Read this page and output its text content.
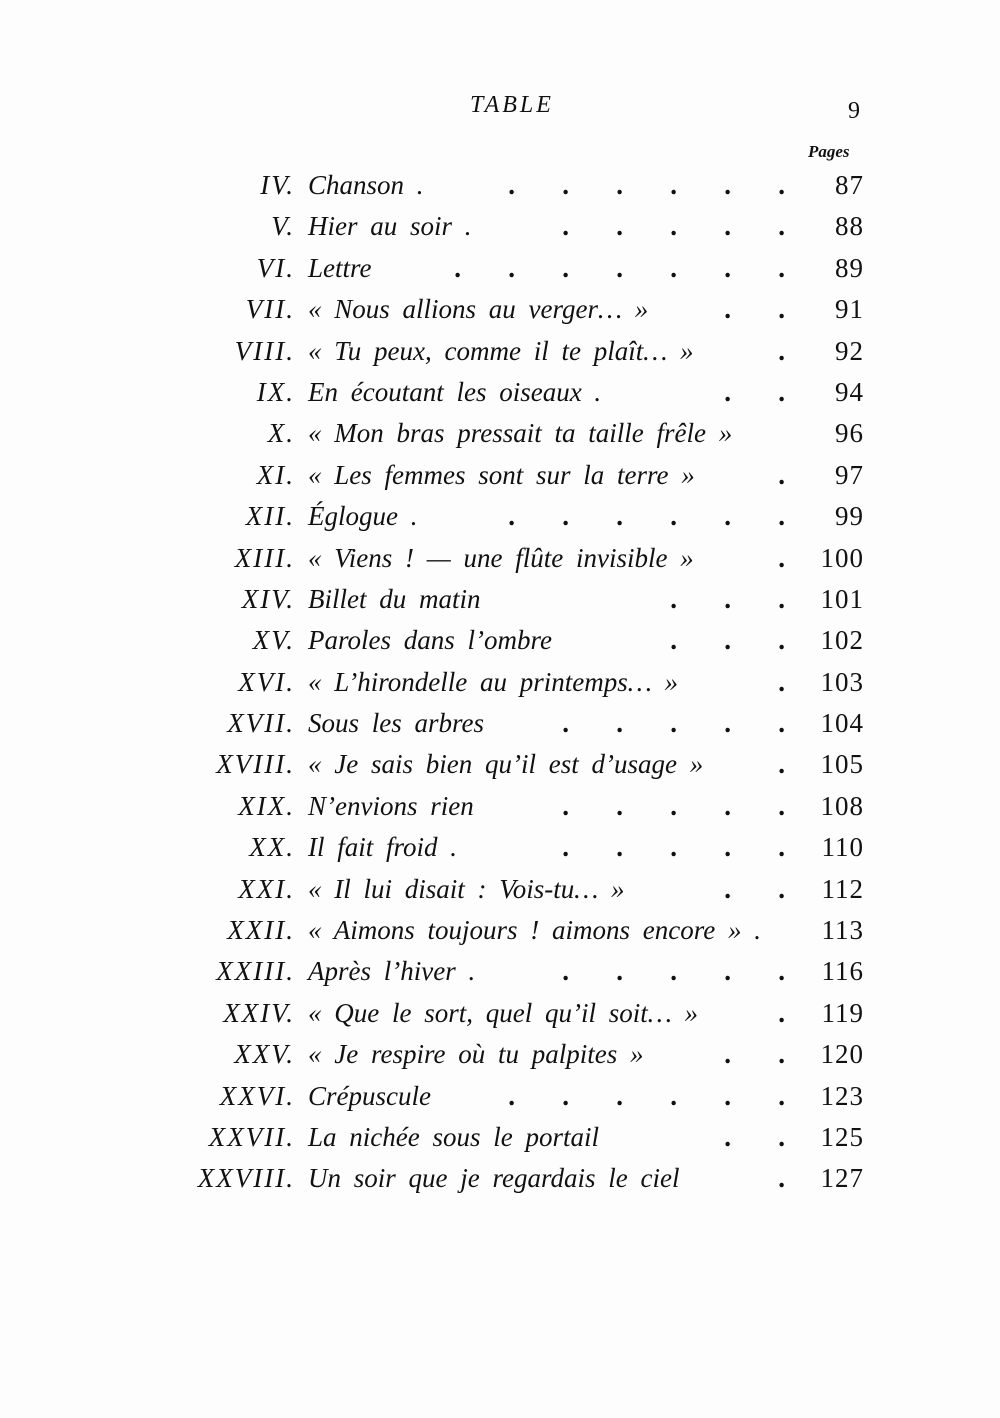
TABLE	9
Pages
IV. Chanson .	.       .       .       .       .       . 87
V. Hier au soir .	.       .       .       .       . 88
VI. Lettre	.       .       .       .       .       .       . 89
VII. « Nous allions au verger… »	.       . 91
VIII. « Tu peux, comme il te plaît… »	. 92
IX. En écoutant les oiseaux .	.       . 94
X. « Mon bras pressait ta taille frêle »	96
XI. « Les femmes sont sur la terre »	. 97
XII. Églogue .	.       .       .       .       .       . 99
XIII. « Viens ! — une flûte invisible »	. 100
XIV. Billet du matin	.       .       . 101
XV. Paroles dans l’ombre	.       .       . 102
XVI. « L’hirondelle au printemps… »	. 103
XVII. Sous les arbres	.       .       .       .       . 104
XVIII. « Je sais bien qu’il est d’usage »	. 105
XIX. N’envions rien	.       .       .       .       . 108
XX. Il fait froid .	.       .       .       .       . 110
XXI. « Il lui disait : Vois-tu… »	.       . 112
XXII. « Aimons toujours ! aimons encore » . 113
XXIII. Après l’hiver .	.       .       .       .       . 116
XXIV. « Que le sort, quel qu’il soit… »	. 119
XXV. « Je respire où tu palpites »	.       . 120
XXVI. Crépuscule	.       .       .       .       .       . 123
XXVII. La nichée sous le portail	.       . 125
XXVIII. Un soir que je regardais le ciel	. 127
